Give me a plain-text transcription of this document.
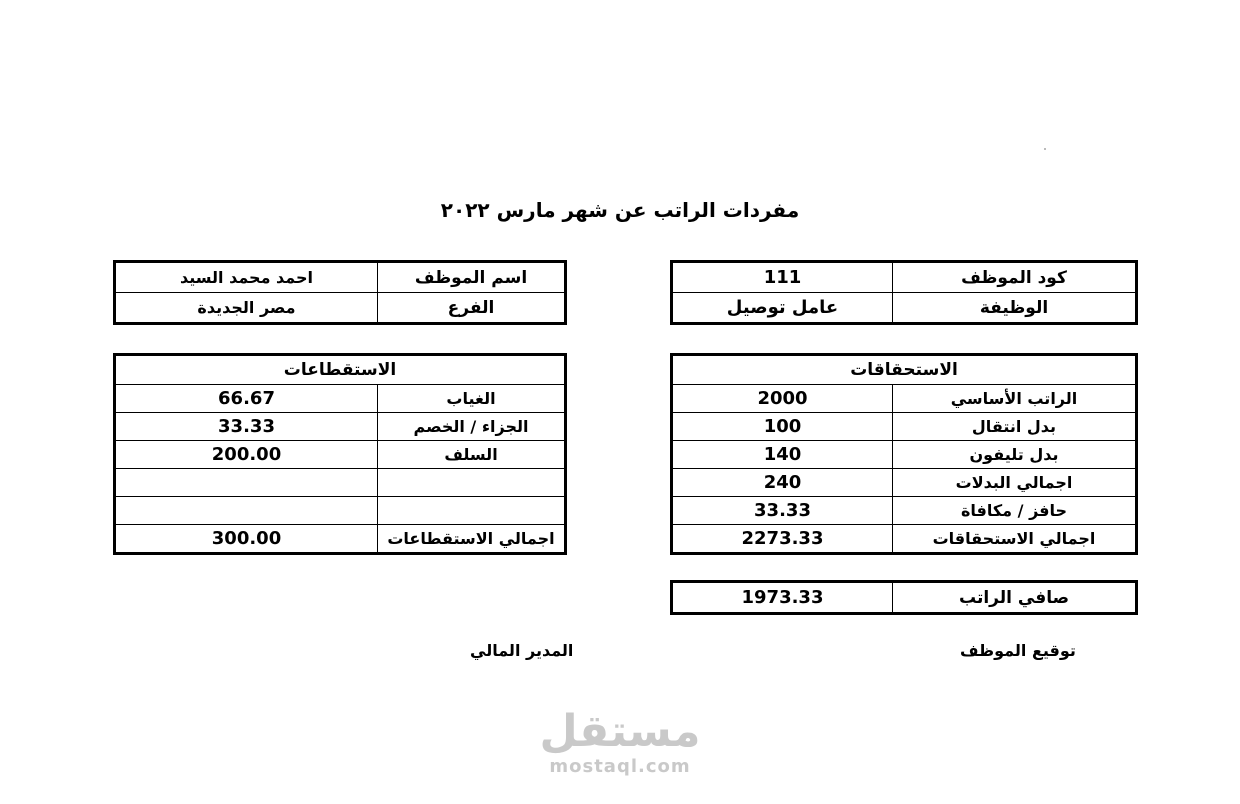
مفردات الراتب عن شهر مارس ٢٠٢٢
كود الموظف	111
الوظيفة	عامل توصيل
اسم الموظف	احمد محمد السيد
الفرع	مصر الجديدة
الاستحقاقات	
الراتب الأساسي	2000
بدل انتقال	100
بدل تليفون	140
اجمالي البدلات	240
حافز / مكافاة	33.33
اجمالي الاستحقاقات	2273.33
الاستقطاعات	
الغياب	66.67
الجزاء / الخصم	33.33
السلف	200.00

اجمالي الاستقطاعات	300.00
صافي الراتب	1973.33
توقيع الموظف
المدير المالي
مستقل
mostaql.com
